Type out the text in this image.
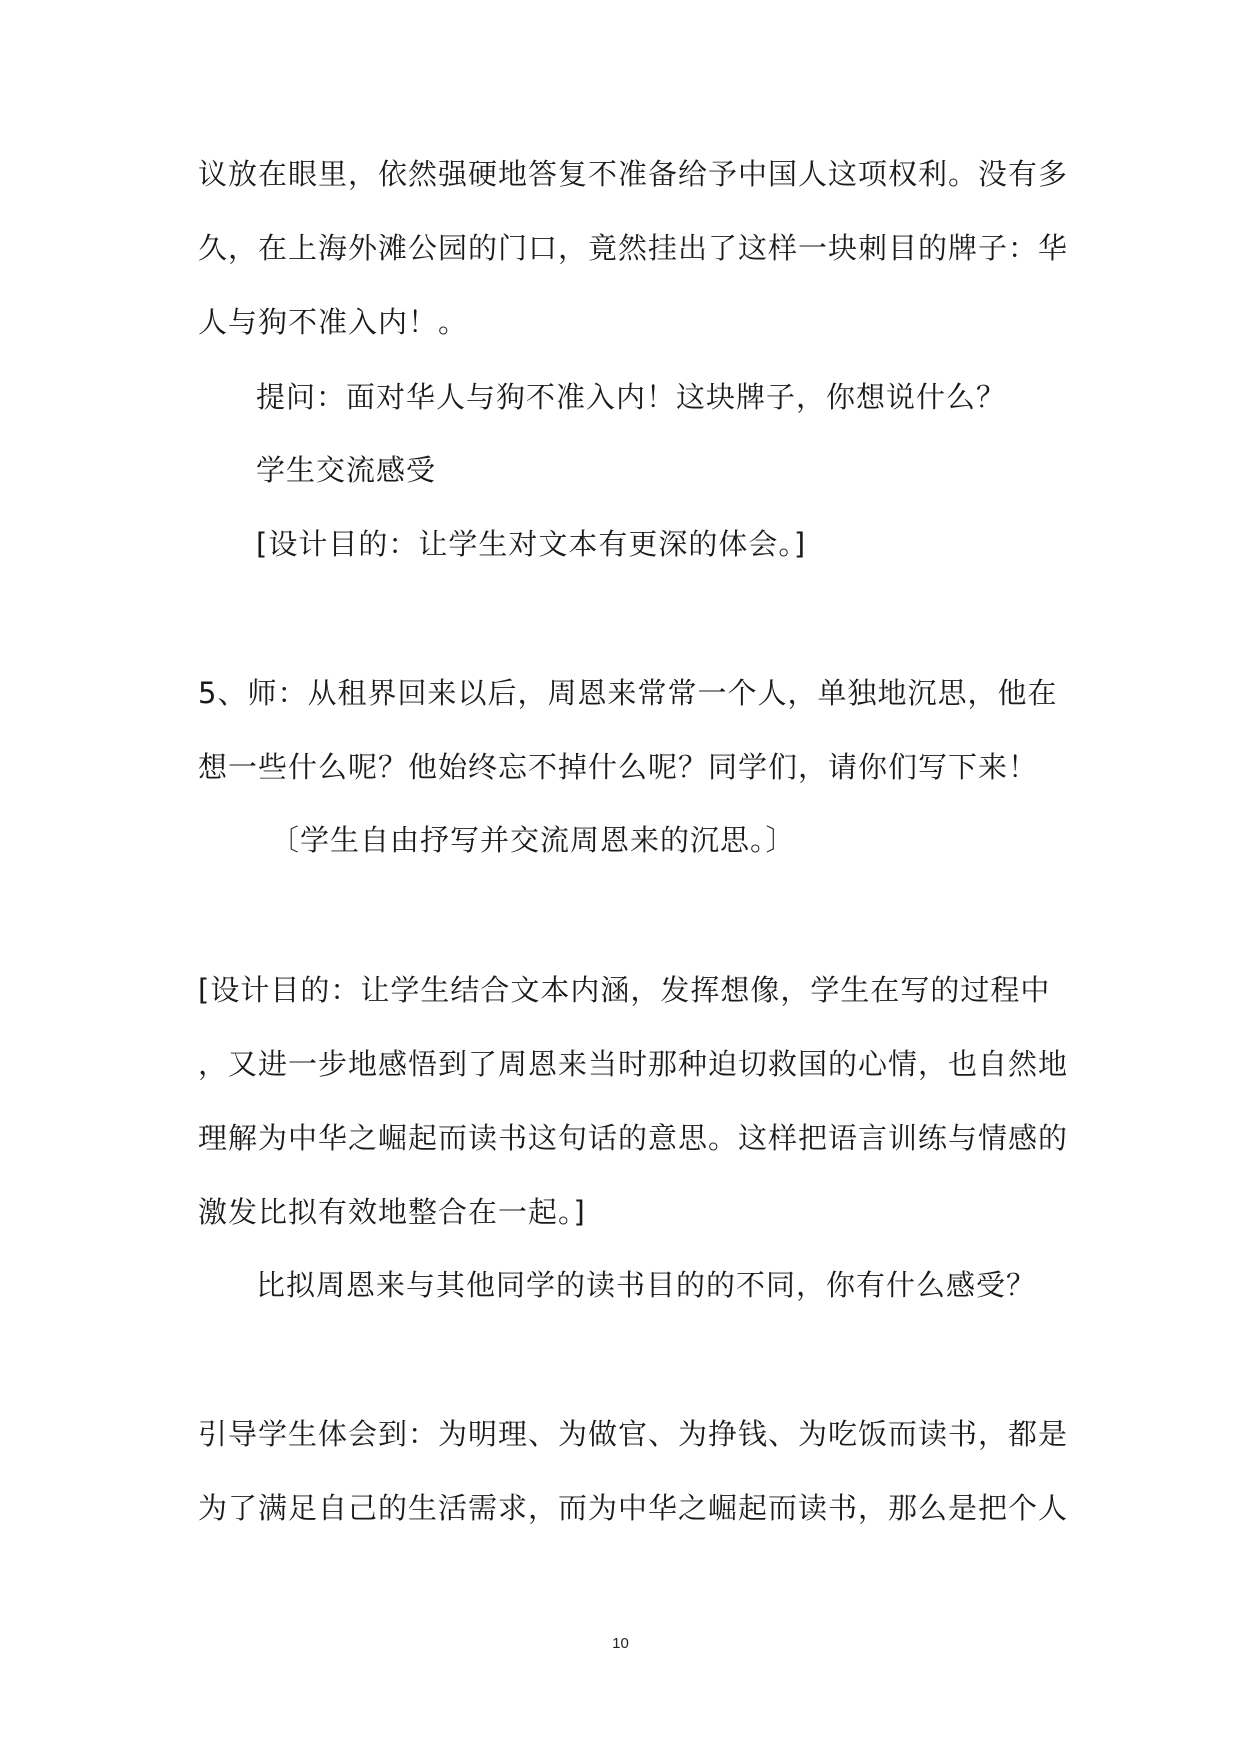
议放在眼里，依然强硬地答复不准备给予中国人这项权利。没有多
久，在上海外滩公园的门口，竟然挂出了这样一块刺目的牌子：华
人与狗不准入内！。
提问：面对华人与狗不准入内！这块牌子，你想说什么？
学生交流感受
[设计目的：让学生对文本有更深的体会。]
5、师：从租界回来以后，周恩来常常一个人，单独地沉思，他在
想一些什么呢？他始终忘不掉什么呢？同学们，请你们写下来！
〔学生自由抒写并交流周恩来的沉思。〕
[设计目的：让学生结合文本内涵，发挥想像，学生在写的过程中
，又进一步地感悟到了周恩来当时那种迫切救国的心情，也自然地
理解为中华之崛起而读书这句话的意思。这样把语言训练与情感的
激发比拟有效地整合在一起。]
比拟周恩来与其他同学的读书目的的不同，你有什么感受？
引导学生体会到：为明理、为做官、为挣钱、为吃饭而读书，都是
为了满足自己的生活需求，而为中华之崛起而读书，那么是把个人
10
